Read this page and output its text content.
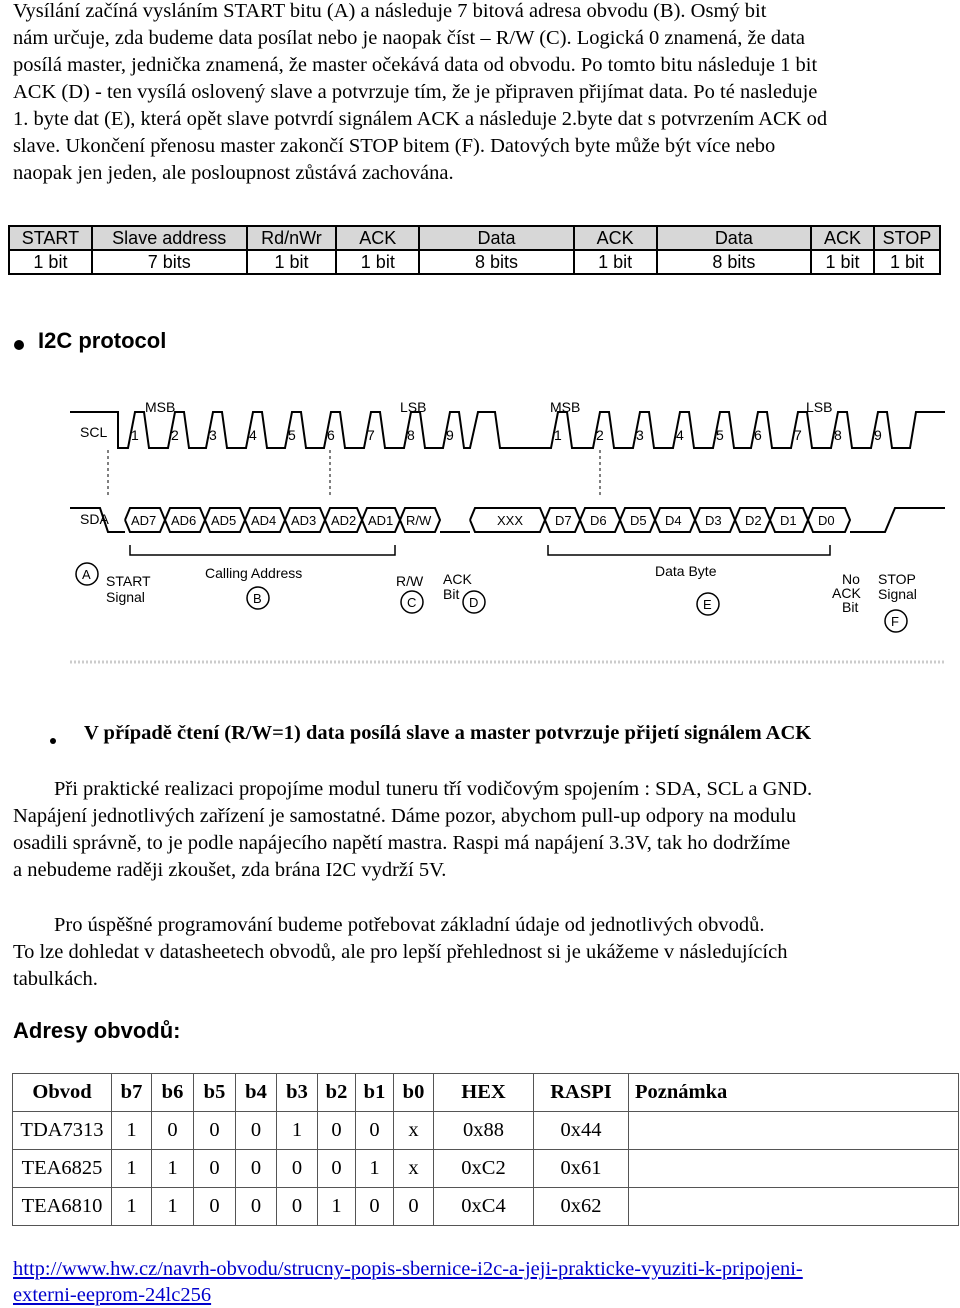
Vysílání začíná vysláním START bitu (A) a následuje 7 bitová adresa obvodu (B). Osmý bit
nám určuje, zda budeme data posílat nebo je naopak číst – R/W (C). Logická 0 znamená, že data
posílá master, jednička znamená, že master očekává data od obvodu. Po tomto bitu následuje 1 bit
ACK (D) - ten vysílá oslovený slave a potvrzuje tím, že je připraven přijímat data. Po té nasleduje
1. byte dat (E), která opět slave potvrdí signálem ACK a následuje 2.byte dat s potvrzením ACK od
slave. Ukončení přenosu master zakončí STOP bitem (F). Datových byte může být více nebo
naopak jen jeden, ale posloupnost zůstává zachována.
START	Slave address	Rd/nWr	ACK	Data	ACK	Data	ACK	STOP
1 bit	7 bits	1 bit	1 bit	8 bits	1 bit	8 bits	1 bit	1 bit
I2C protocol
1 2 3 4 5 6 7 8 9	1 2 3 4 5 6 7 8 9
MSB	LSB	MSB	LSB
SCL
SDA AD7 AD6 AD5 AD4 AD3 AD2 AD1 R/W	XXX D7 D6 D5 D4 D3 D2 D1 D0
A
B	C	D	E
F
START
Signal
Calling Address	R/W ACK
Bit
Data Byte	No
ACK
Bit
STOP
Signal
V případě čtení (R/W=1) data posílá slave a master potvrzuje přijetí signálem ACK
Při praktické realizaci propojíme modul tuneru tří vodičovým spojením : SDA, SCL a GND.
Napájení jednotlivých zařízení je samostatné. Dáme pozor, abychom pull-up odpory na modulu
osadili správně, to je podle napájecího napětí mastra. Raspi má napájení 3.3V, tak ho dodržíme
a nebudeme raději zkoušet, zda brána I2C vydrží 5V.
Pro úspěšné programování budeme potřebovat základní údaje od jednotlivých obvodů.
To lze dohledat v datasheetech obvodů, ale pro lepší přehlednost si je ukážeme v následujících
tabulkách.
Adresy obvodů:
Obvod	b7	b6	b5	b4	b3	b2	b1	b0	HEX	RASPI	Poznámka
TDA7313	1	0	0	0	1	0	0	x	0x88	0x44	
TEA6825	1	1	0	0	0	0	1	x	0xC2	0x61	
TEA6810	1	1	0	0	0	1	0	0	0xC4	0x62	
http://www.hw.cz/navrh-obvodu/strucny-popis-sbernice-i2c-a-jeji-prakticke-vyuziti-k-pripojeni-
externi-eeprom-24lc256
